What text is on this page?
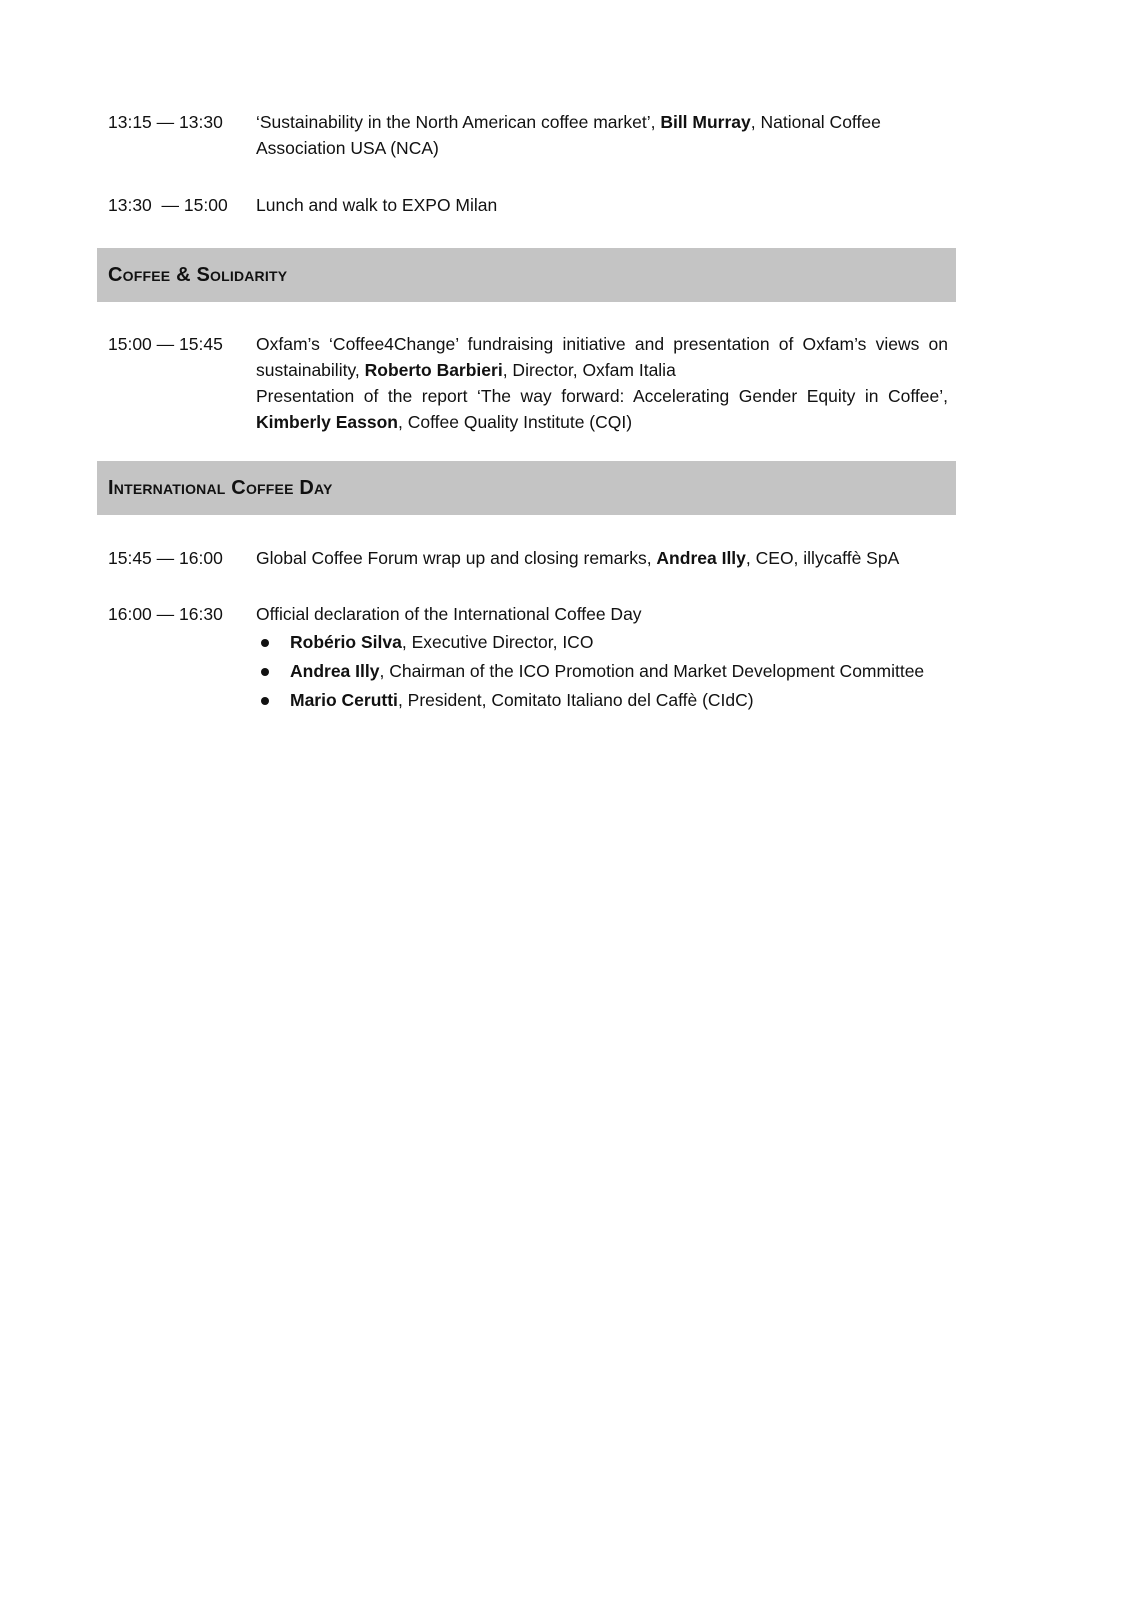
13:15 — 13:30	‘Sustainability in the North American coffee market’, Bill Murray, National Coffee Association USA (NCA)
13:30  — 15:00	Lunch and walk to EXPO Milan
Coffee & Solidarity
15:00 — 15:45	Oxfam’s ‘Coffee4Change’ fundraising initiative and presentation of Oxfam’s views on sustainability, Roberto Barbieri, Director, Oxfam Italia
Presentation of the report ‘The way forward: Accelerating Gender Equity in Coffee’, Kimberly Easson, Coffee Quality Institute (CQI)
International Coffee Day
15:45 — 16:00	Global Coffee Forum wrap up and closing remarks, Andrea Illy, CEO, illycaffè SpA
16:00 — 16:30	Official declaration of the International Coffee Day
Robério Silva, Executive Director, ICO
Andrea Illy, Chairman of the ICO Promotion and Market Development Committee
Mario Cerutti, President, Comitato Italiano del Caffè (CIdC)
